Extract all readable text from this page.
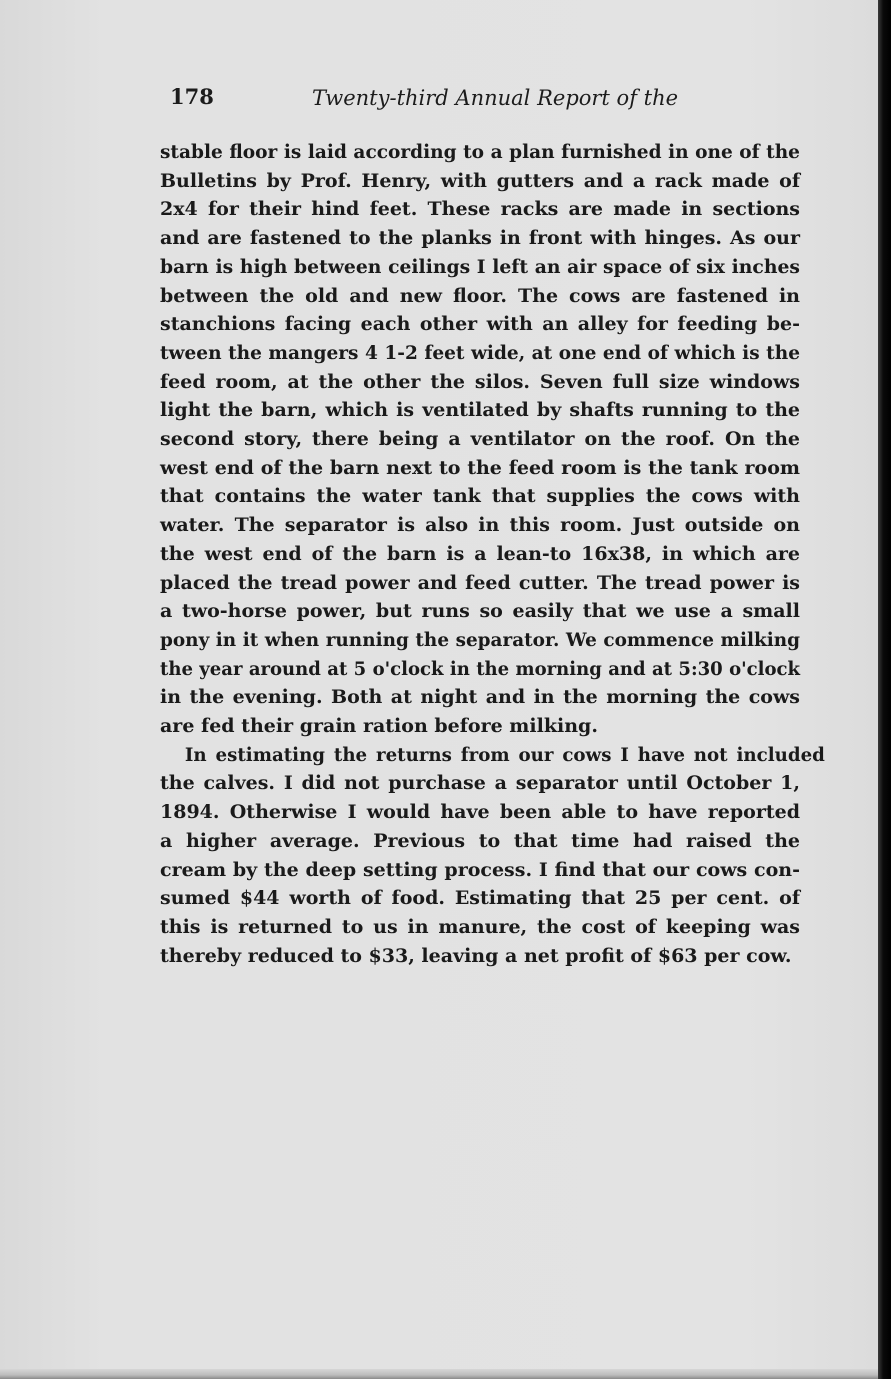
178	Twenty-third Annual Report of the
stable floor is laid according to a plan furnished in one of the
Bulletins by Prof. Henry, with gutters and a rack made of
2x4 for their hind feet. These racks are made in sections
and are fastened to the planks in front with hinges. As our
barn is high between ceilings I left an air space of six inches
between the old and new floor. The cows are fastened in
stanchions facing each other with an alley for feeding be-
tween the mangers 4 1-2 feet wide, at one end of which is the
feed room, at the other the silos. Seven full size windows
light the barn, which is ventilated by shafts running to the
second story, there being a ventilator on the roof. On the
west end of the barn next to the feed room is the tank room
that contains the water tank that supplies the cows with
water. The separator is also in this room. Just outside on
the west end of the barn is a lean-to 16x38, in which are
placed the tread power and feed cutter. The tread power is
a two-horse power, but runs so easily that we use a small
pony in it when running the separator. We commence milking
the year around at 5 o'clock in the morning and at 5:30 o'clock
in the evening. Both at night and in the morning the cows
are fed their grain ration before milking.
In estimating the returns from our cows I have not included
the calves. I did not purchase a separator until October 1,
1894. Otherwise I would have been able to have reported
a higher average. Previous to that time had raised the
cream by the deep setting process. I find that our cows con-
sumed $44 worth of food. Estimating that 25 per cent. of
this is returned to us in manure, the cost of keeping was
thereby reduced to $33, leaving a net profit of $63 per cow.
